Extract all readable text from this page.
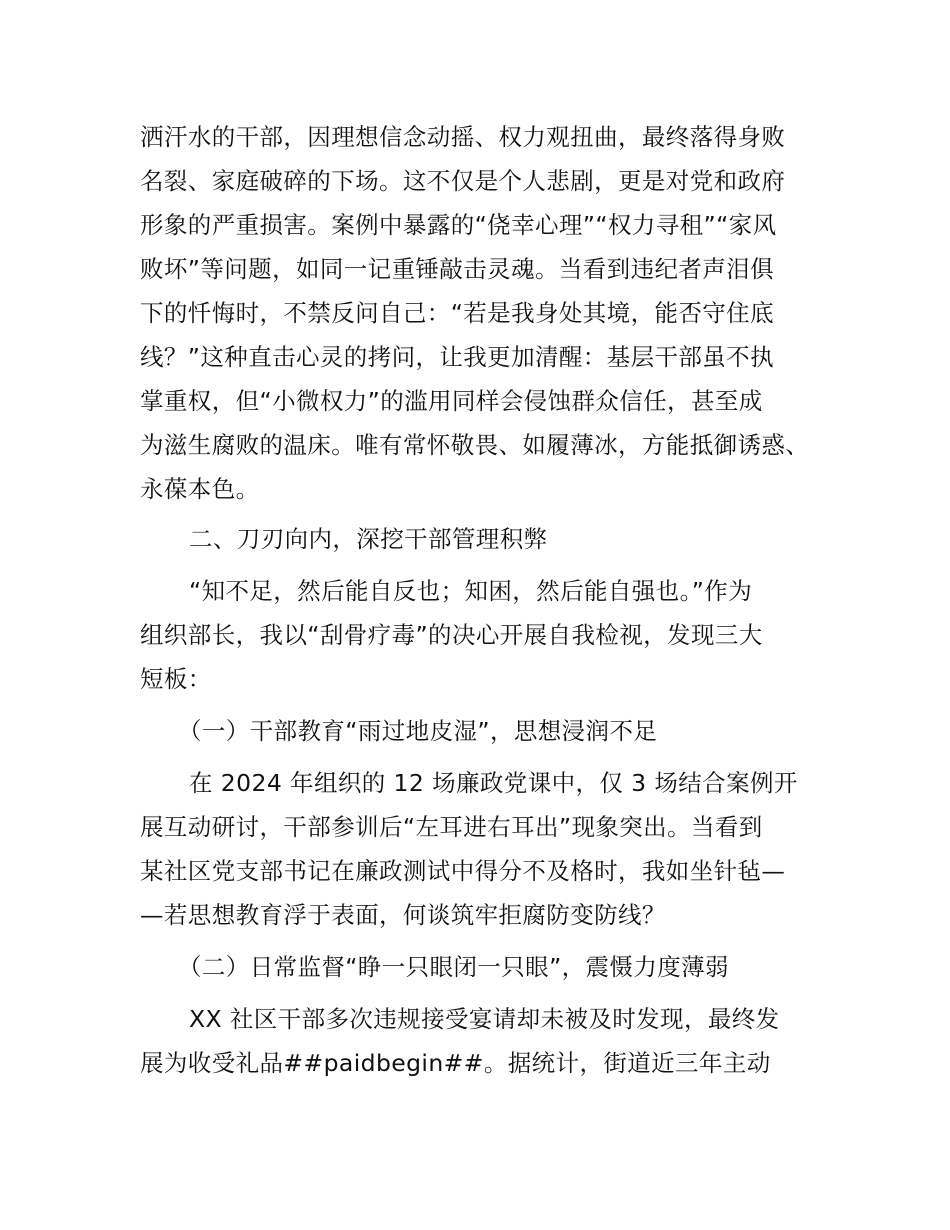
洒汗水的干部，因理想信念动摇、权力观扭曲，最终落得身败
名裂、家庭破碎的下场。这不仅是个人悲剧，更是对党和政府
形象的严重损害。案例中暴露的“侥幸心理”“权力寻租”“家风
败坏”等问题，如同一记重锤敲击灵魂。当看到违纪者声泪俱
下的忏悔时，不禁反问自己：“若是我身处其境，能否守住底
线？”这种直击心灵的拷问，让我更加清醒：基层干部虽不执
掌重权，但“小微权力”的滥用同样会侵蚀群众信任，甚至成
为滋生腐败的温床。唯有常怀敬畏、如履薄冰，方能抵御诱惑、
永葆本色。
二、刀刃向内，深挖干部管理积弊
“知不足，然后能自反也；知困，然后能自强也。”作为
组织部长，我以“刮骨疗毒”的决心开展自我检视，发现三大
短板：
（一）干部教育“雨过地皮湿”，思想浸润不足
在 2024 年组织的 12 场廉政党课中，仅 3 场结合案例开
展互动研讨，干部参训后“左耳进右耳出”现象突出。当看到
某社区党支部书记在廉政测试中得分不及格时，我如坐针毡—
—若思想教育浮于表面，何谈筑牢拒腐防变防线？
（二）日常监督“睁一只眼闭一只眼”，震慑力度薄弱
XX 社区干部多次违规接受宴请却未被及时发现，最终发
展为收受礼品##paidbegin##。据统计，街道近三年主动
